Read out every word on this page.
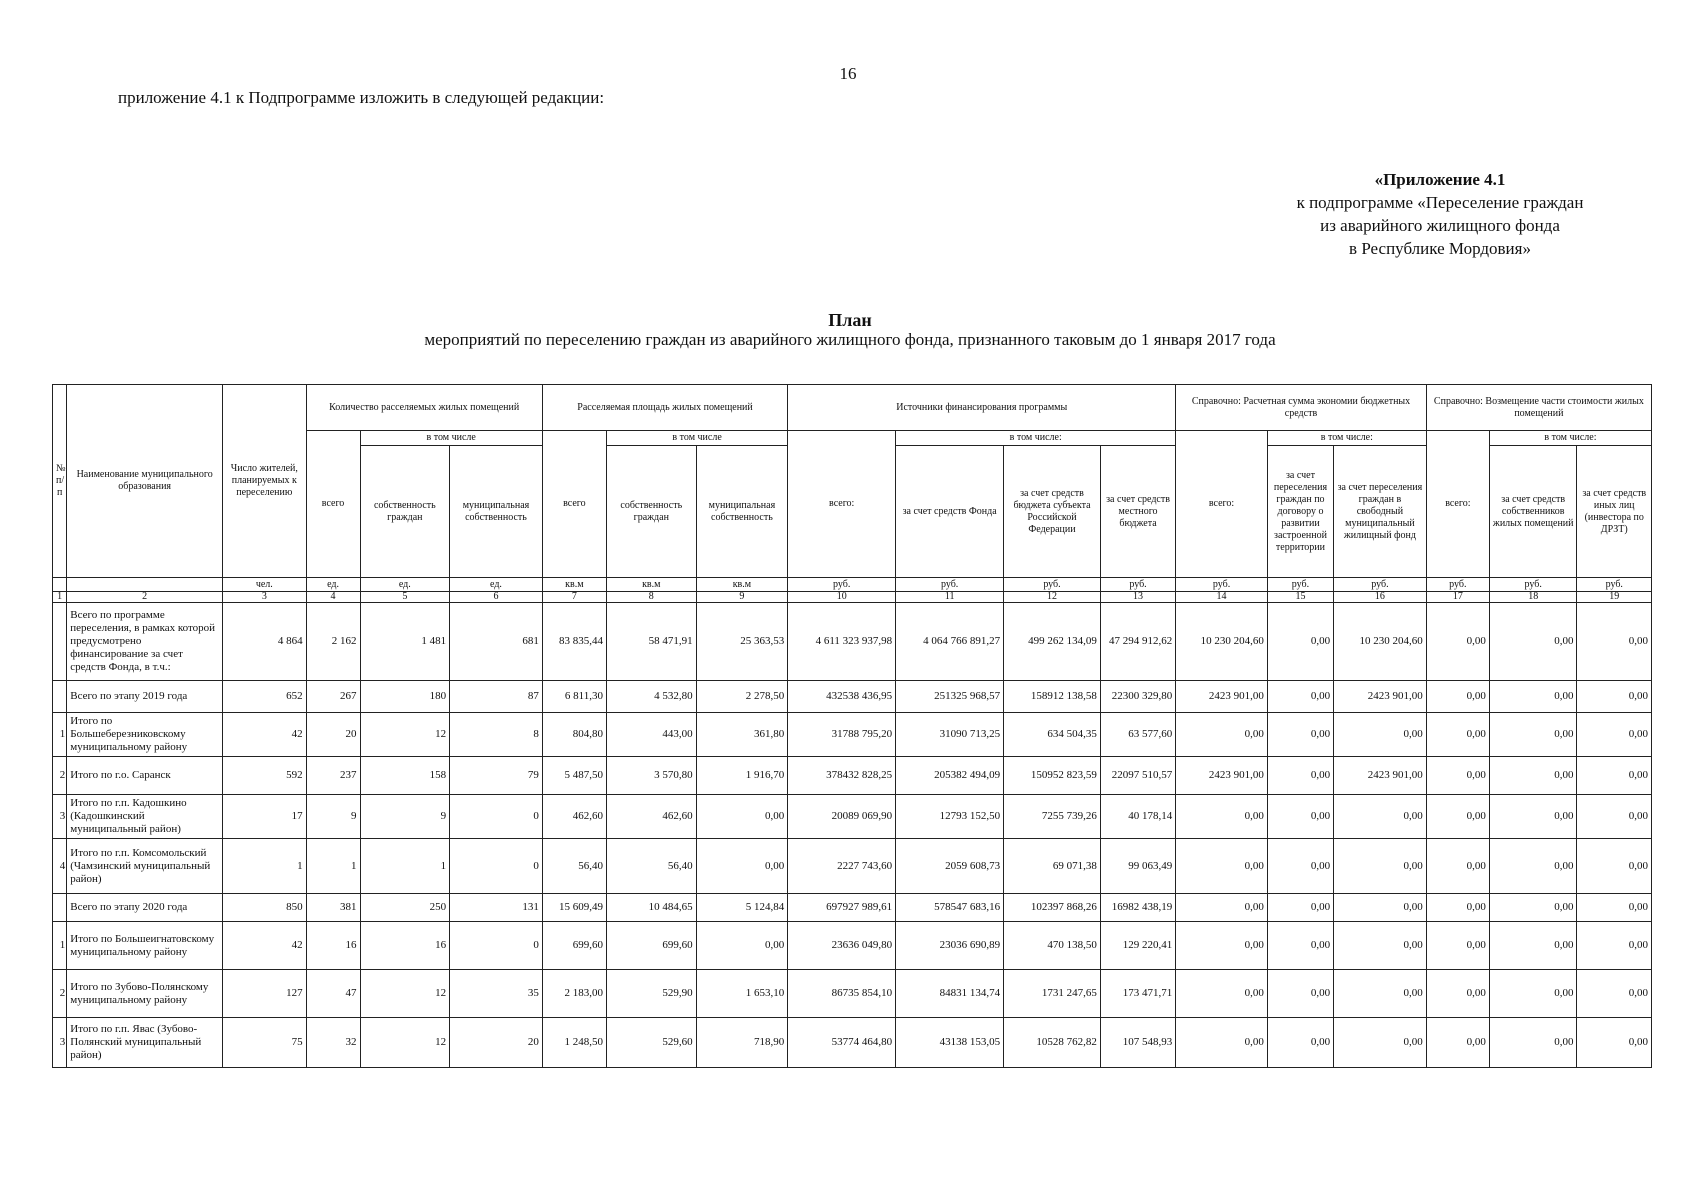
16
приложение 4.1 к Подпрограмме изложить в следующей редакции:
«Приложение 4.1
к подпрограмме «Переселение граждан
из аварийного жилищного фонда
в Республике Мордовия»
План
мероприятий по переселению граждан из аварийного жилищного фонда, признанного таковым до 1 января 2017 года
№ п/п	Наименование муниципального образования	Число жителей, планируемых к переселению	Количество расселяемых жилых помещений			Расселяемая площадь жилых помещений			Источники финансирования программы				Справочно: Расчетная сумма экономии бюджетных средств			Справочно: Возмещение части стоимости жилых помещений		
			всего	в том числе		всего	в том числе		всего:	в том числе:			всего:	в том числе:		всего:	в том числе:	
				собственность граждан	муниципальная собственность		собственность граждан	муниципальная собственность		за счет средств Фонда	за счет средств бюджета субъекта Российской Федерации	за счет средств местного бюджета		за счет переселения граждан по договору о развитии застроенной территории	за счет переселения граждан в свободный муниципальный жилищный фонд		за счет средств собственников жилых помещений	за счет средств иных лиц (инвестора по ДРЗТ)
		чел.	ед.	ед.	ед.	кв.м	кв.м	кв.м	руб.	руб.	руб.	руб.	руб.	руб.	руб.	руб.	руб.	руб.
1	2	3	4	5	6	7	8	9	10	11	12	13	14	15	16	17	18	19
	Всего по программе переселения, в рамках которой предусмотрено финансирование за счет средств Фонда, в т.ч.:	4 864	2 162	1 481	681	83 835,44	58 471,91	25 363,53	4 611 323 937,98	4 064 766 891,27	499 262 134,09	47 294 912,62	10 230 204,60	0,00	10 230 204,60	0,00	0,00	0,00
	Всего по этапу 2019 года	652	267	180	87	6 811,30	4 532,80	2 278,50	432538 436,95	251325 968,57	158912 138,58	22300 329,80	2423 901,00	0,00	2423 901,00	0,00	0,00	0,00
1	Итого по Большеберезниковскому муниципальному району	42	20	12	8	804,80	443,00	361,80	31788 795,20	31090 713,25	634 504,35	63 577,60	0,00	0,00	0,00	0,00	0,00	0,00
2	Итого по г.о. Саранск	592	237	158	79	5 487,50	3 570,80	1 916,70	378432 828,25	205382 494,09	150952 823,59	22097 510,57	2423 901,00	0,00	2423 901,00	0,00	0,00	0,00
3	Итого по г.п. Кадошкино (Кадошкинский муниципальный район)	17	9	9	0	462,60	462,60	0,00	20089 069,90	12793 152,50	7255 739,26	40 178,14	0,00	0,00	0,00	0,00	0,00	0,00
4	Итого по г.п. Комсомольский (Чамзинский муниципальный район)	1	1	1	0	56,40	56,40	0,00	2227 743,60	2059 608,73	69 071,38	99 063,49	0,00	0,00	0,00	0,00	0,00	0,00
	Всего по этапу 2020 года	850	381	250	131	15 609,49	10 484,65	5 124,84	697927 989,61	578547 683,16	102397 868,26	16982 438,19	0,00	0,00	0,00	0,00	0,00	0,00
1	Итого по Большеигнатовскому муниципальному району	42	16	16	0	699,60	699,60	0,00	23636 049,80	23036 690,89	470 138,50	129 220,41	0,00	0,00	0,00	0,00	0,00	0,00
2	Итого по Зубово-Полянскому муниципальному району	127	47	12	35	2 183,00	529,90	1 653,10	86735 854,10	84831 134,74	1731 247,65	173 471,71	0,00	0,00	0,00	0,00	0,00	0,00
3	Итого по г.п. Явас (Зубово-Полянский муниципальный район)	75	32	12	20	1 248,50	529,60	718,90	53774 464,80	43138 153,05	10528 762,82	107 548,93	0,00	0,00	0,00	0,00	0,00	0,00
